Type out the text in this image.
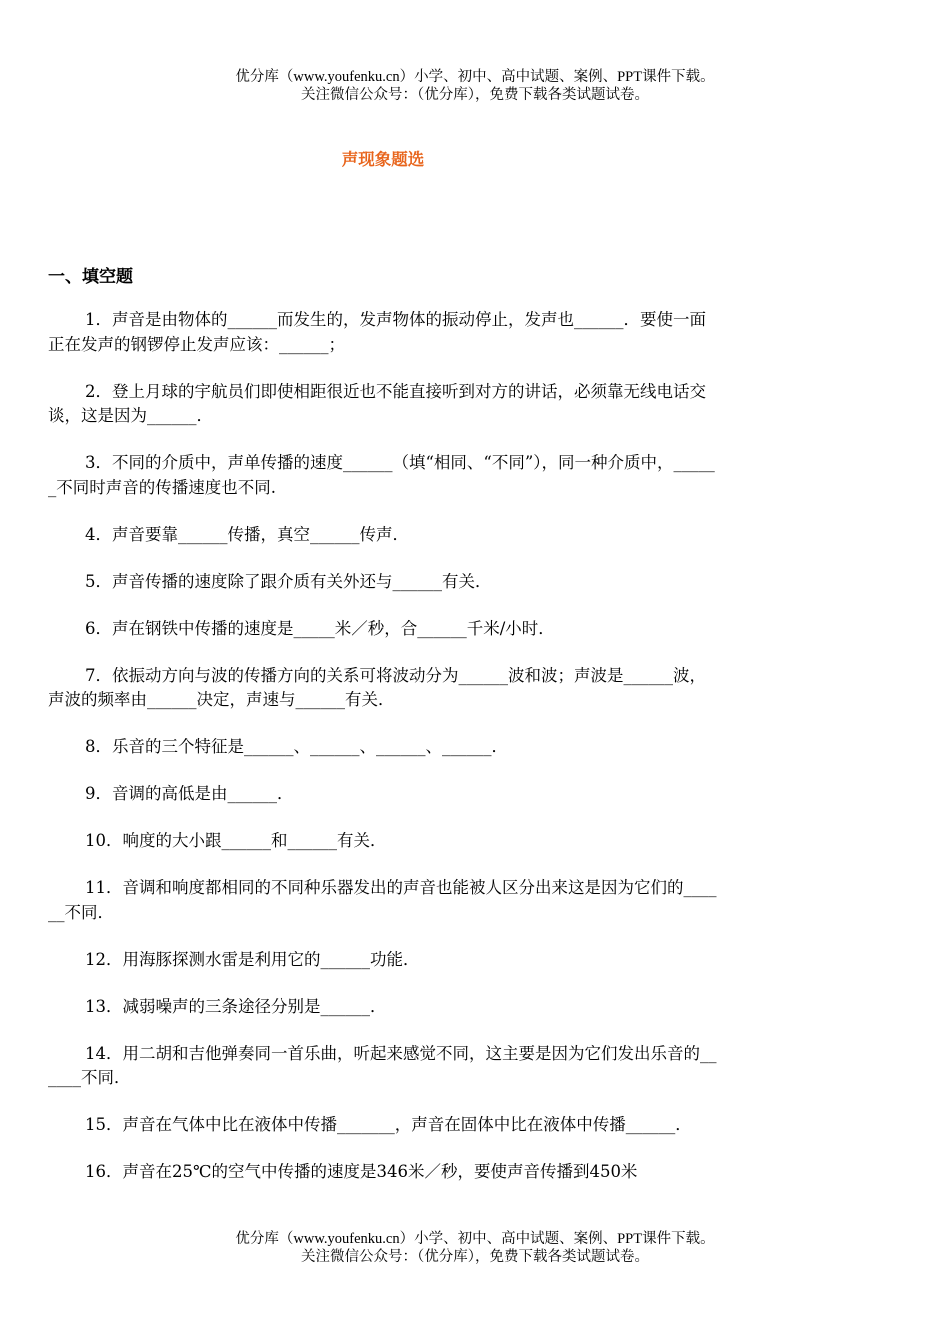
优分库（www.youfenku.cn）小学、初中、高中试题、案例、PPT课件下载。
关注微信公众号：（优分库），免费下载各类试题试卷。
声现象题选
一、填空题

1．声音是由物体的______而发生的，发声物体的振动停止，发声也______．要使一面正在发声的钢锣停止发声应该：______；

2．登上月球的宇航员们即使相距很近也不能直接听到对方的讲话，必须靠无线电话交谈，这是因为______．

3．不同的介质中，声单传播的速度______（填“相同、“不同”），同一种介质中，______不同时声音的传播速度也不同.

4．声音要靠______传播，真空______传声．

5．声音传播的速度除了跟介质有关外还与______有关．

6．声在钢铁中传播的速度是_____米／秒，合______千米/小时．

7．依振动方向与波的传播方向的关系可将波动分为______波和波；声波是______波，声波的频率由______决定，声速与______有关．

8．乐音的三个特征是______、______、______、______．

9．音调的高低是由______．

10．响度的大小跟______和______有关．

11．音调和响度都相同的不同种乐器发出的声音也能被人区分出来这是因为它们的______不同．

12．用海豚探测水雷是利用它的______功能．

13．减弱噪声的三条途径分别是______．

14．用二胡和吉他弹奏同一首乐曲，听起来感觉不同，这主要是因为它们发出乐音的______不同．

15．声音在气体中比在液体中传播_______，声音在固体中比在液体中传播______．

16．声音在25℃的空气中传播的速度是346米／秒，要使声音传播到450米

优分库（www.youfenku.cn）小学、初中、高中试题、案例、PPT课件下载。
关注微信公众号：（优分库），免费下载各类试题试卷。
